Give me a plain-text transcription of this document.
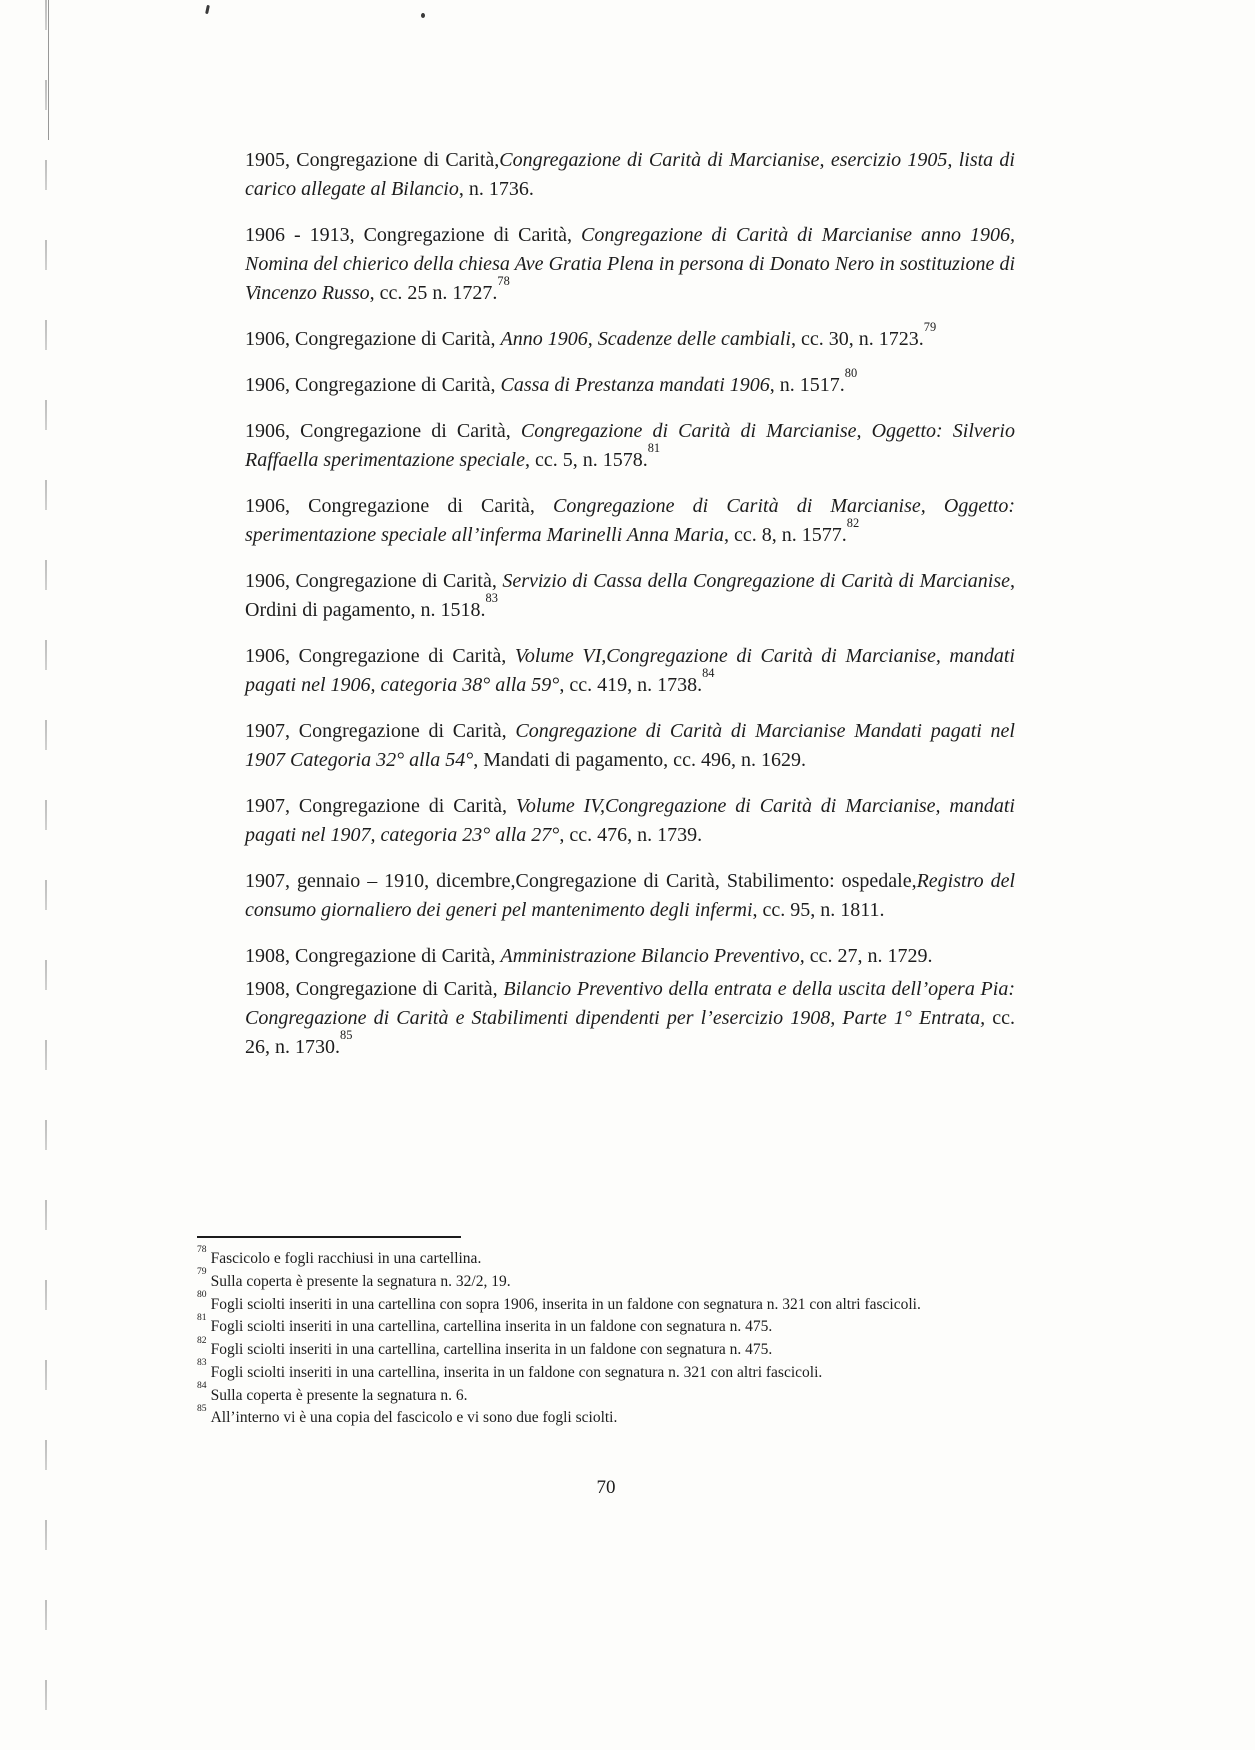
1905, Congregazione di Carità,Congregazione di Carità di Marcianise, esercizio 1905, lista di carico allegate al Bilancio, n. 1736.

1906 - 1913, Congregazione di Carità, Congregazione di Carità di Marcianise anno 1906, Nomina del chierico della chiesa Ave Gratia Plena in persona di Donato Nero in sostituzione di Vincenzo Russo, cc. 25 n. 1727.78

1906, Congregazione di Carità, Anno 1906, Scadenze delle cambiali, cc. 30, n. 1723.79

1906, Congregazione di Carità, Cassa di Prestanza mandati 1906, n. 1517.80

1906, Congregazione di Carità, Congregazione di Carità di Marcianise, Oggetto: Silverio Raffaella sperimentazione speciale, cc. 5, n. 1578.81

1906, Congregazione di Carità, Congregazione di Carità di Marcianise, Oggetto: sperimentazione speciale all’inferma Marinelli Anna Maria, cc. 8, n. 1577.82

1906, Congregazione di Carità, Servizio di Cassa della Congregazione di Carità di Marcianise, Ordini di pagamento, n. 1518.83

1906, Congregazione di Carità, Volume VI,Congregazione di Carità di Marcianise, mandati pagati nel 1906, categoria 38° alla 59°, cc. 419, n. 1738.84

1907, Congregazione di Carità, Congregazione di Carità di Marcianise Mandati pagati nel 1907 Categoria 32° alla 54°, Mandati di pagamento, cc. 496, n. 1629.

1907, Congregazione di Carità, Volume IV,Congregazione di Carità di Marcianise, mandati pagati nel 1907, categoria 23° alla 27°, cc. 476, n. 1739.

1907, gennaio – 1910, dicembre,Congregazione di Carità, Stabilimento: ospedale,Registro del consumo giornaliero dei generi pel mantenimento degli infermi, cc. 95, n. 1811.

1908, Congregazione di Carità, Amministrazione Bilancio Preventivo, cc. 27, n. 1729.

1908, Congregazione di Carità, Bilancio Preventivo della entrata e della uscita dell’opera Pia: Congregazione di Carità e Stabilimenti dipendenti per l’esercizio 1908, Parte 1° Entrata, cc. 26, n. 1730.85

$^{78}$Fascicolo e fogli racchiusi in una cartellina.
$^{79}$Sulla coperta è presente la segnatura n. 32/2, 19.
$^{80}$Fogli sciolti inseriti in una cartellina con sopra 1906, inserita in un faldone con segnatura n. 321 con altri fascicoli.
$^{81}$Fogli sciolti inseriti in una cartellina, cartellina inserita in un faldone con segnatura n. 475.
$^{82}$Fogli sciolti inseriti in una cartellina, cartellina inserita in un faldone con segnatura n. 475.
$^{83}$Fogli sciolti inseriti in una cartellina, inserita in un faldone con segnatura n. 321 con altri fascicoli.
$^{84}$Sulla coperta è presente la segnatura n. 6.
$^{85}$All’interno vi è una copia del fascicolo e vi sono due fogli sciolti.
70
